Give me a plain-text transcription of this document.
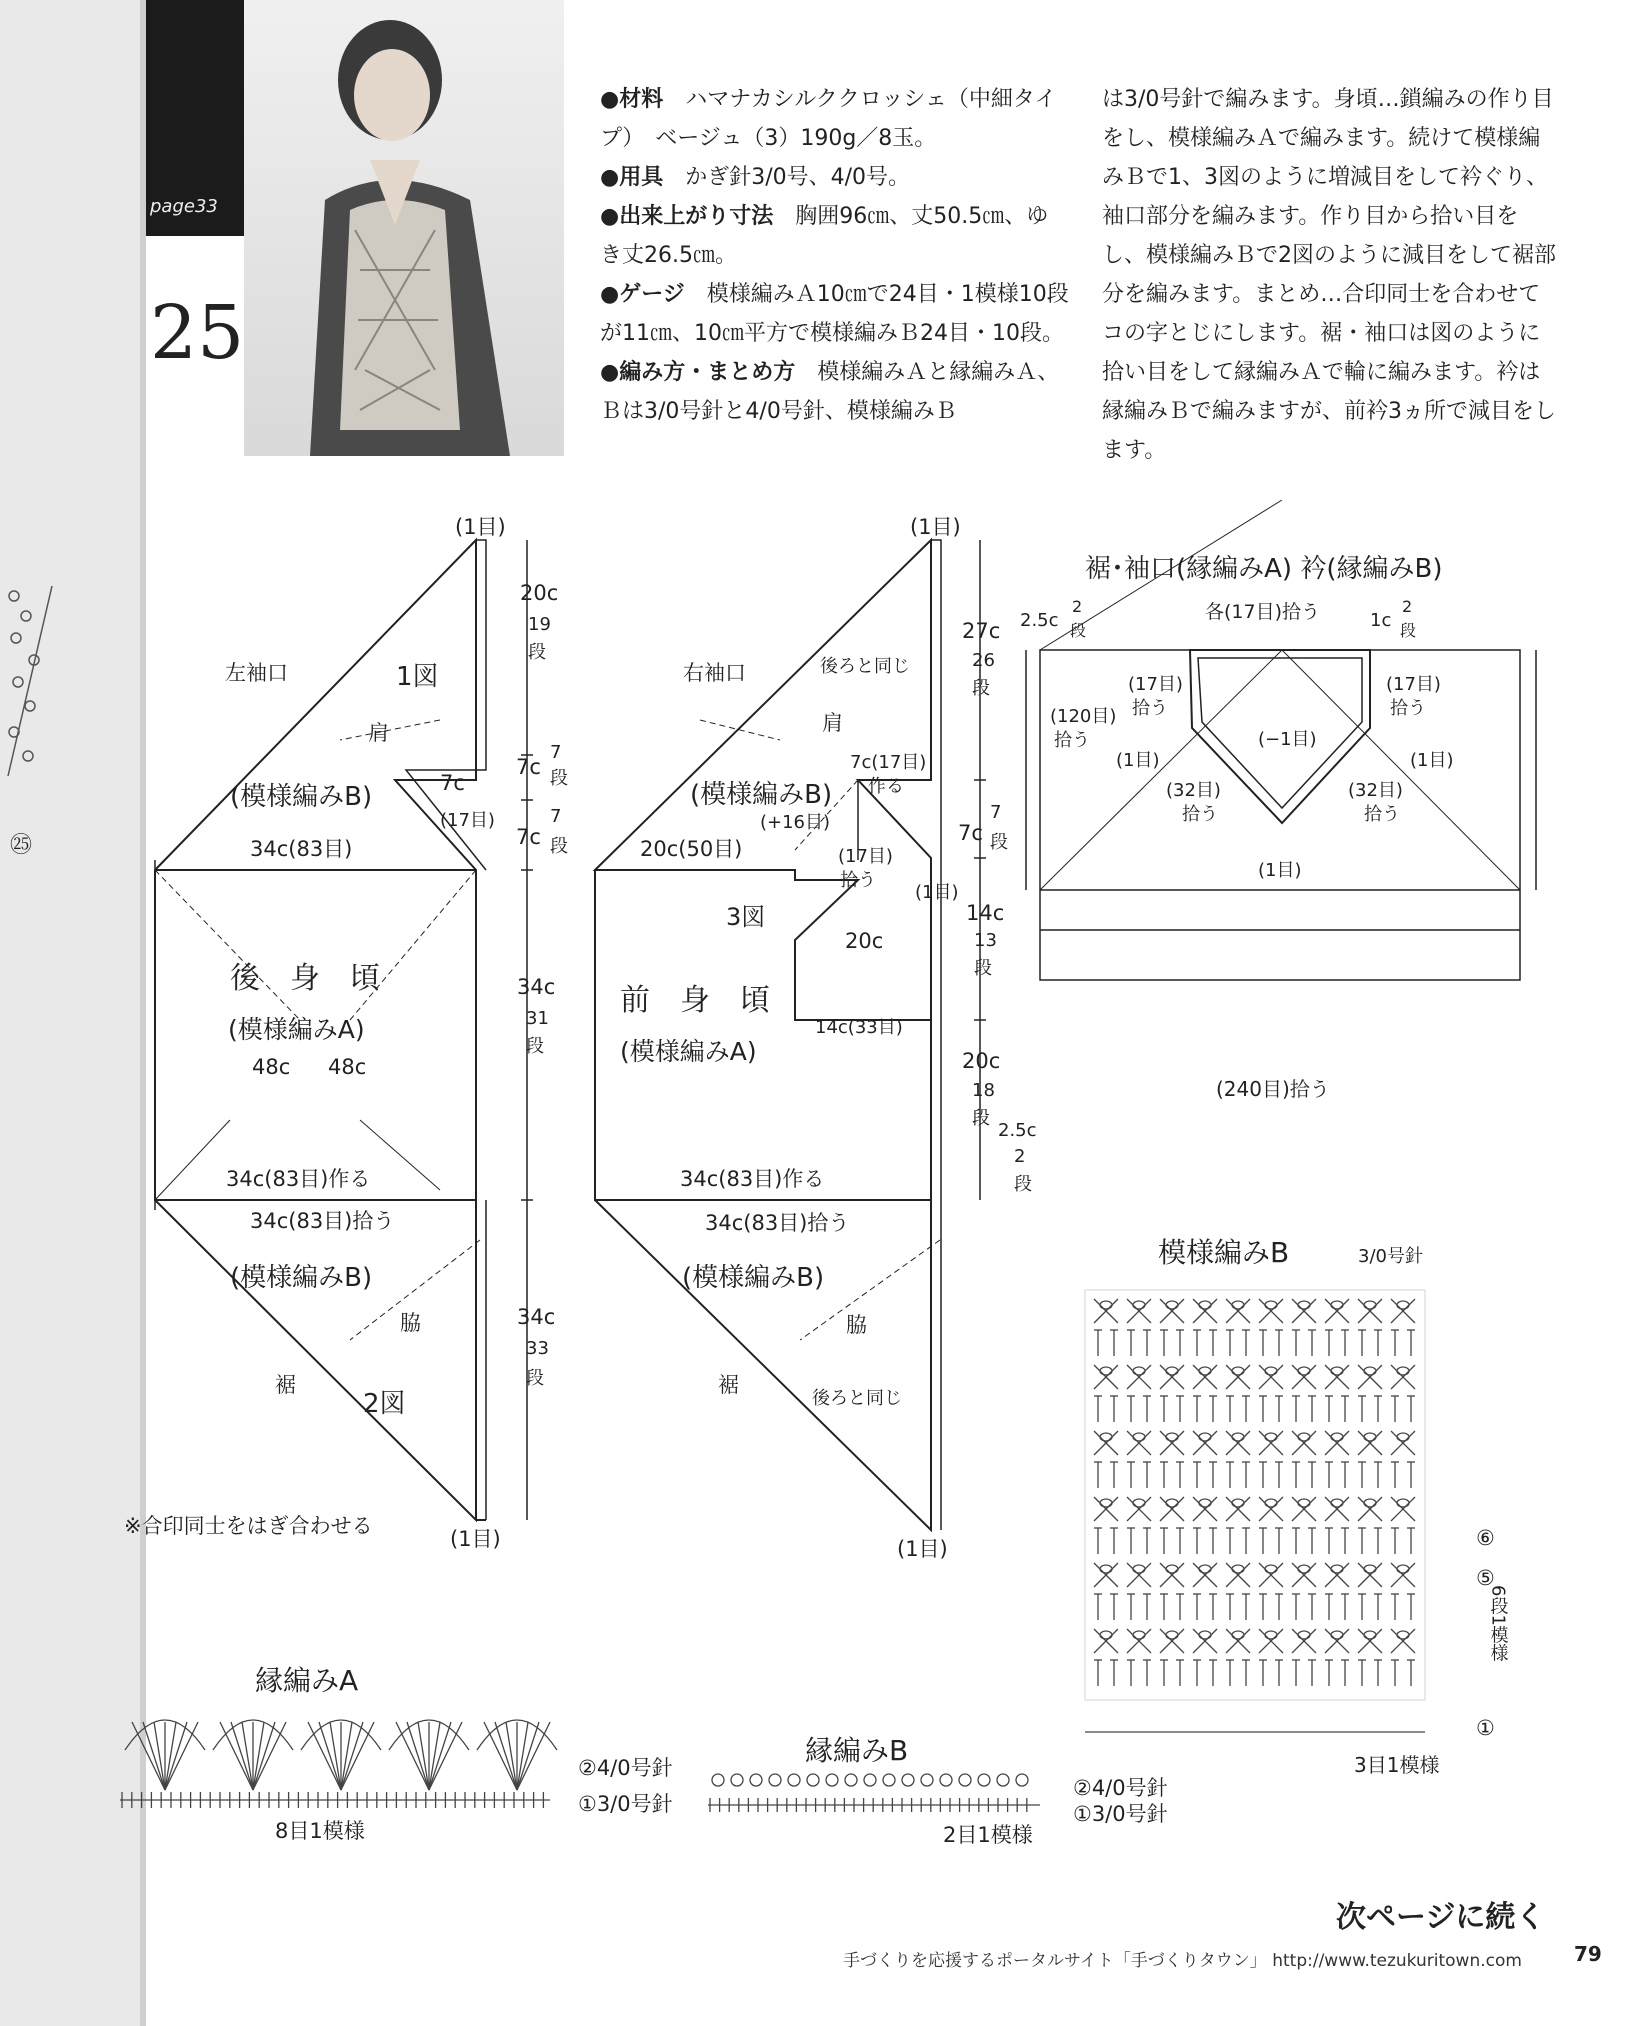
㉕
page33
25

●材料　 ハマナカシルククロッシェ（中細タイプ）　ベージュ（3）190g／8玉。

●用具　 かぎ針3/0号、4/0号。

●出来上がり寸法　 胸囲96㎝、丈50.5㎝、ゆき丈26.5㎝。

●ゲージ　 模様編みＡ10㎝で24目・1模様10段が11㎝、10㎝平方で模様編みＢ24目・10段。

●編み方・まとめ方　 模様編みＡと縁編みＡ、Ｂは3/0号針と4/0号針、模様編みＢ

は3/0号針で編みます。身頃…鎖編みの作り目をし、模様編みＡで編みます。続けて模様編みＢで1、3図のように増減目をして衿ぐり、袖口部分を編みます。作り目から拾い目をし、模様編みＢで2図のように減目をして裾部分を編みます。まとめ…合印同士を合わせてコの字とじにします。裾・袖口は図のように拾い目をして縁編みＡで輪に編みます。衿は縁編みＢで編みますが、前衿3ヵ所で減目をします。

(1目)
左袖口	1図
肩
(模様編みB)
34c(83目)
7c
(17目)
後　身　頃
(模様編みA)
48c 48c
34c(83目)作る
34c(83目)拾う
(模様編みB)
脇
裾
2図
(1目)
※合印同士をはぎ合わせる
20c
19
段
7c
7
段
7c
7
段
34c
31
段
34c
33
段
(1目)
右袖口	後ろと同じ
肩
(模様編みB)
(+16目)
7c(17目)
作る
20c(50目)	(17目)
拾う
(1目)
3図
20c
前　身　頃
(模様編みA)
14c(33目)
34c(83目)作る
34c(83目)拾う
(模様編みB)
脇
裾
後ろと同じ
(1目)
27c
26
段
7c
7
段
14c
13
段
20c
18
段
2.5c
2
段
裾･袖口(縁編みA) 衿(縁編みB)
2.5c
2
段
各(17目)拾う	1c
2
段
(17目)
拾う
(17目)
拾う
(120目)
拾う	(−1目)
(1目)	(1目)
(32目)
拾う
(32目)
拾う
(1目)
(240目)拾う
模様編みB	3/0号針
⑥
⑤
①
6段1模様
3目1模様
縁編みA
②4/0号針
①3/0号針
8目1模様
縁編みB
②4/0号針
①3/0号針
2目1模様
次ページに続く
手づくりを応援するポータルサイト「手づくりタウン」 http://www.tezukuritown.com	79
